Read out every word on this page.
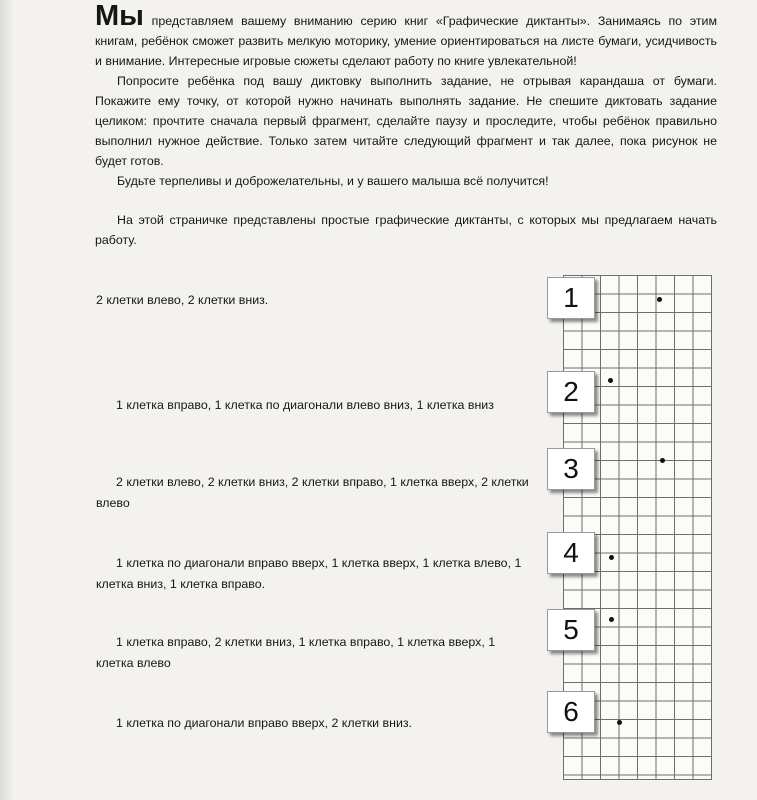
Мы представляем вашему вниманию серию книг «Графические диктанты». Занимаясь по этим книгам, ребёнок сможет развить мелкую моторику, умение ориентироваться на листе бумаги, усидчивость и внимание. Интересные игровые сюжеты сделают работу по книге увлекательной!

Попросите ребёнка под вашу диктовку выполнить задание, не отрывая карандаша от бумаги. Покажите ему точку, от которой нужно начинать выполнять задание. Не спешите диктовать задание целиком: прочтите сначала первый фрагмент, сделайте паузу и проследите, чтобы ребёнок правильно выполнил нужное действие. Только затем читайте следующий фрагмент и так далее, пока рисунок не будет готов.

Будьте терпеливы и доброжелательны, и у вашего малыша всё получится!

На этой страничке представлены простые графические диктанты, с которых мы предлагаем начать работу.

2 клетки влево, 2 клетки вниз.
1 клетка вправо, 1 клетка по диагонали влево вниз, 1 клетка вниз
2 клетки влево, 2 клетки вниз, 2 клетки вправо, 1 клетка вверх, 2 клетки влево
1 клетка по диагонали вправо вверх, 1 клетка вверх, 1 клетка влево, 1 клетка вниз, 1 клетка вправо.
1 клетка вправо, 2 клетки вниз, 1 клетка вправо, 1 клетка вверх, 1 клетка влево
1 клетка по диагонали вправо вверх, 2 клетки вниз.
1
2
3
4
5
6
